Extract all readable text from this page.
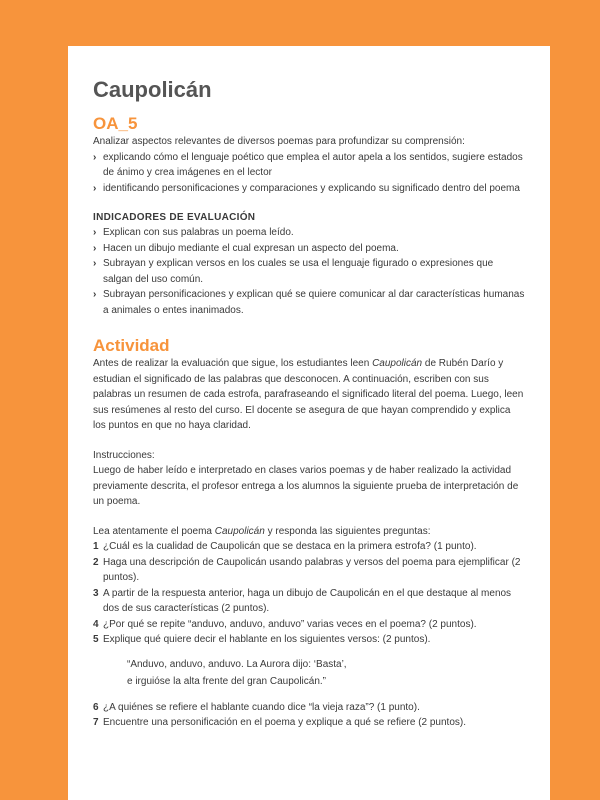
Caupolicán
OA_5

Analizar aspectos relevantes de diversos poemas para profundizar su comprensión:

› explicando cómo el lenguaje poético que emplea el autor apela a los sentidos, sugiere estados de ánimo y crea imágenes en el lector
› identificando personificaciones y comparaciones y explicando su significado dentro del poema
INDICADORES DE EVALUACIÓN
› Explican con sus palabras un poema leído.
› Hacen un dibujo mediante el cual expresan un aspecto del poema.
› Subrayan y explican versos en los cuales se usa el lenguaje figurado o expresiones que salgan del uso común.
› Subrayan personificaciones y explican qué se quiere comunicar al dar características humanas a animales o entes inanimados.
Actividad

Antes de realizar la evaluación que sigue, los estudiantes leen Caupolicán de Rubén Darío y estudian el significado de las palabras que desconocen. A continuación, escriben con sus palabras un resumen de cada estrofa, parafraseando el significado literal del poema. Luego, leen sus resúmenes al resto del curso. El docente se asegura de que hayan comprendido y explica los puntos en que no haya claridad.

Instrucciones:

Luego de haber leído e interpretado en clases varios poemas y de haber realizado la actividad previamente descrita, el profesor entrega a los alumnos la siguiente prueba de interpretación de un poema.

Lea atentamente el poema Caupolicán y responda las siguientes preguntas:

1 ¿Cuál es la cualidad de Caupolicán que se destaca en la primera estrofa? (1 punto).
2 Haga una descripción de Caupolicán usando palabras y versos del poema para ejemplificar (2 puntos).
3 A partir de la respuesta anterior, haga un dibujo de Caupolicán en el que destaque al menos dos de sus características (2 puntos).
4 ¿Por qué se repite “anduvo, anduvo, anduvo” varias veces en el poema? (2 puntos).
5 Explique qué quiere decir el hablante en los siguientes versos: (2 puntos).
“Anduvo, anduvo, anduvo. La Aurora dijo: ‘Basta’,
e irguióse la alta frente del gran Caupolicán.”
6 ¿A quiénes se refiere el hablante cuando dice “la vieja raza”? (1 punto).
7 Encuentre una personificación en el poema y explique a qué se refiere (2 puntos).
